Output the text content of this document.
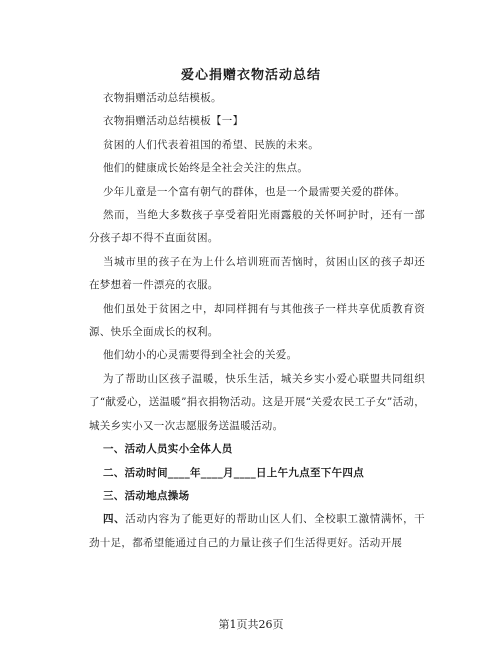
爱心捐赠衣物活动总结

衣物捐赠活动总结模板。

衣物捐赠活动总结模板【一】

贫困的人们代表着祖国的希望、民族的未来。

他们的健康成长始终是全社会关注的焦点。

少年儿童是一个富有朝气的群体，也是一个最需要关爱的群体。

然而，当绝大多数孩子享受着阳光雨露般的关怀呵护时，还有一部分孩子却不得不直面贫困。

当城市里的孩子在为上什么培训班而苦恼时，贫困山区的孩子却还在梦想着一件漂亮的衣服。

他们虽处于贫困之中，却同样拥有与其他孩子一样共享优质教育资源、快乐全面成长的权利。

他们幼小的心灵需要得到全社会的关爱。

为了帮助山区孩子温暖，快乐生活，城关乡实小爱心联盟共同组织了“献爱心，送温暖”捐衣捐物活动。这是开展“关爱农民工子女”活动，城关乡实小又一次志愿服务送温暖活动。

一、活动人员实小全体人员

二、活动时间____年____月____日上午九点至下午四点

三、活动地点操场

四、活动内容为了能更好的帮助山区人们、全校职工激情满怀，干劲十足，都希望能通过自己的力量让孩子们生活得更好。活动开展

第1页共26页
